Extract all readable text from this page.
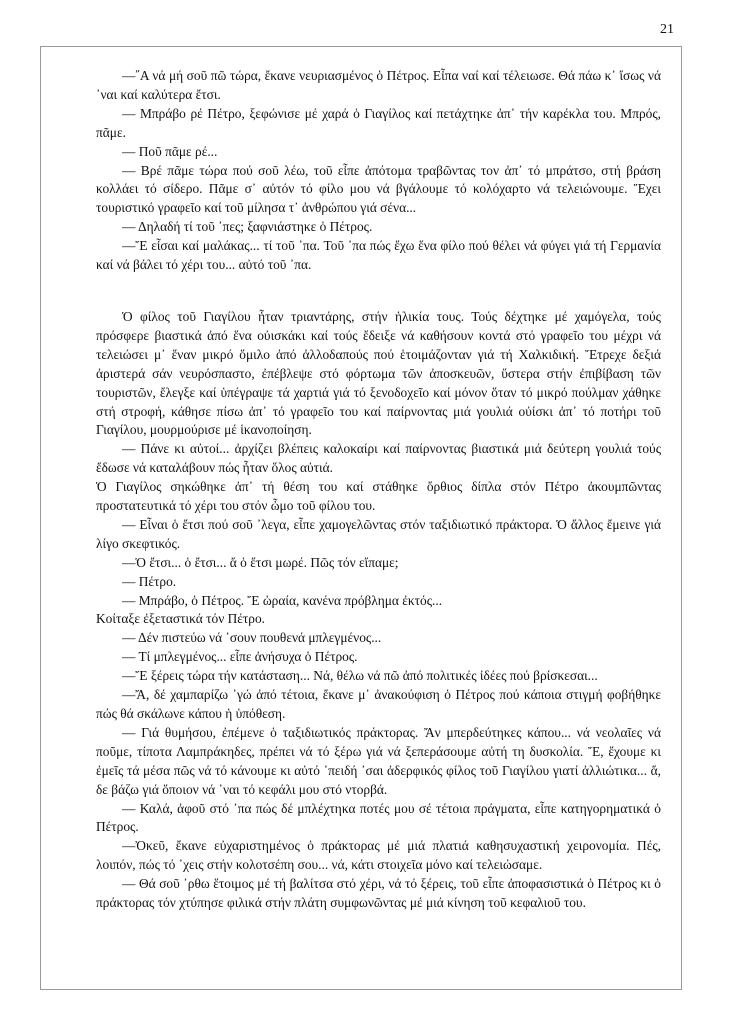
21

—῎Α νά μή σοῦ πῶ τώρα, ἔκανε νευριασμένος ὁ Πέτρος. Εἶπα ναί καί τέλειωσε. Θά πάω κ᾽ ἴσως νά ᾽ναι καί καλύτερα ἔτσι.

— Μπράβο ρέ Πέτρο, ξεφώνισε μέ χαρά ὁ Γιαγίλος καί πετάχτηκε ἀπ᾽ τήν καρέκλα του. Μπρός, πᾶμε.

— Ποῦ πᾶμε ρέ...

— Βρέ πᾶμε τώρα πού σοῦ λέω, τοῦ εἶπε ἀπότομα τραβῶντας τον ἀπ᾽ τό μπράτσο, στή βράση κολλάει τό σίδερο. Πᾶμε σ᾽ αὐτόν τό φίλο μου νά βγάλουμε τό κολόχαρτο νά τελειώνουμε. Ἔχει τουριστικό γραφεῖο καί τοῦ μίλησα τ᾽ ἀνθρώπου γιά σένα...

— Δηλαδή τί τοῦ ᾽πες; ξαφνιάστηκε ὁ Πέτρος.

—Ἔ εἶσαι καί μαλάκας... τί τοῦ ᾽πα. Τοῦ ᾽πα πώς ἔχω ἕνα φίλο πού θέλει νά φύγει γιά τή Γερμανία καί νά βάλει τό χέρι του... αὐτό τοῦ ᾽πα.

Ὁ φίλος τοῦ Γιαγίλου ἦταν τριαντάρης, στήν ἡλικία τους. Τούς δέχτηκε μέ χαμόγελα, τούς πρόσφερε βιαστικά ἀπό ἕνα οὐισκάκι καί τούς ἔδειξε νά καθήσουν κοντά στό γραφεῖο του μέχρι νά τελειώσει μ᾽ ἕναν μικρό ὅμιλο ἀπό ἀλλοδαπούς πού ἑτοιμάζονταν γιά τή Χαλκιδική. Ἔτρεχε δεξιά ἀριστερά σάν νευρόσπαστο, ἐπέβλεψε στό φόρτωμα τῶν ἀποσκευῶν, ὕστερα στήν ἐπιβίβαση τῶν τουριστῶν, ἔλεγξε καί ὑπέγραψε τά χαρτιά γιά τό ξενοδοχεῖο καί μόνον ὅταν τό μικρό πούλμαν χάθηκε στή στροφή, κάθησε πίσω ἀπ᾽ τό γραφεῖο του καί παίρνοντας μιά γουλιά οὐίσκι ἀπ᾽ τό ποτήρι τοῦ Γιαγίλου, μουρμούρισε μέ ἱκανοποίηση.

— Πάνε κι αὐτοί... ἀρχίζει βλέπεις καλοκαίρι καί παίρνοντας βιαστικά μιά δεύτερη γουλιά τούς ἔδωσε νά καταλάβουν πώς ἦταν ὅλος αὐτιά.

Ὁ Γιαγίλος σηκώθηκε ἀπ᾽ τή θέση του καί στάθηκε ὄρθιος δίπλα στόν Πέτρο ἀκουμπῶντας προστατευτικά τό χέρι του στόν ὦμο τοῦ φίλου του.

— Εἶναι ὁ ἔτσι πού σοῦ ᾽λεγα, εἶπε χαμογελῶντας στόν ταξιδιωτικό πράκτορα. Ὁ ἄλλος ἔμεινε γιά λίγο σκεφτικός.

—Ὁ ἔτσι... ὁ ἔτσι... ἄ ὁ ἔτσι μωρέ. Πῶς τόν εἴπαμε;

— Πέτρο.

— Μπράβο, ὁ Πέτρος. Ἔ ὡραία, κανένα πρόβλημα ἐκτός...

Κοίταξε ἐξεταστικά τόν Πέτρο.

— Δέν πιστεύω νά ᾽σουν πουθενά μπλεγμένος...

— Τί μπλεγμένος... εἶπε ἀνήσυχα ὁ Πέτρος.

—Ἔ ξέρεις τώρα τήν κατάσταση... Νά, θέλω νά πῶ ἀπό πολιτικές ἰδέες πού βρίσκεσαι...

—Ἄ, δέ χαμπαρίζω ᾽γώ ἀπό τέτοια, ἔκανε μ᾽ ἀνακούφιση ὁ Πέτρος πού κάποια στιγμή φοβήθηκε πώς θά σκάλωνε κάπου ἡ ὑπόθεση.

— Γιά θυμήσου, ἐπέμενε ὁ ταξιδιωτικός πράκτορας. Ἄν μπερδεύτηκες κάπου... νά νεολαῖες νά ποῦμε, τίποτα Λαμπράκηδες, πρέπει νά τό ξέρω γιά νά ξεπεράσουμε αὐτή τη δυσκολία. Ἔ, ἔχουμε κι ἐμεῖς τά μέσα πῶς νά τό κάνουμε κι αὐτό ᾽πειδή ᾽σαι ἀδερφικός φίλος τοῦ Γιαγίλου γιατί ἀλλιώτικα... ἄ, δε βάζω γιά ὅποιον νά ᾽ναι τό κεφάλι μου στό ντορβά.

— Καλά, ἀφοῦ στό ᾽πα πώς δέ μπλέχτηκα ποτές μου σέ τέτοια πράγματα, εἶπε κατηγορηματικά ὁ Πέτρος.

—Ὀκεῦ, ἔκανε εὐχαριστημένος ὁ πράκτορας μέ μιά πλατιά καθησυχαστική χειρονομία. Πές, λοιπόν, πώς τό ᾽χεις στήν κολοτσέπη σου... νά, κάτι στοιχεῖα μόνο καί τελειώσαμε.

— Θά σοῦ ᾽ρθω ἕτοιμος μέ τή βαλίτσα στό χέρι, νά τό ξέρεις, τοῦ εἶπε ἀποφασιστικά ὁ Πέτρος κι ὁ πράκτορας τόν χτύπησε φιλικά στήν πλάτη συμφωνῶντας μέ μιά κίνηση τοῦ κεφαλιοῦ του.
